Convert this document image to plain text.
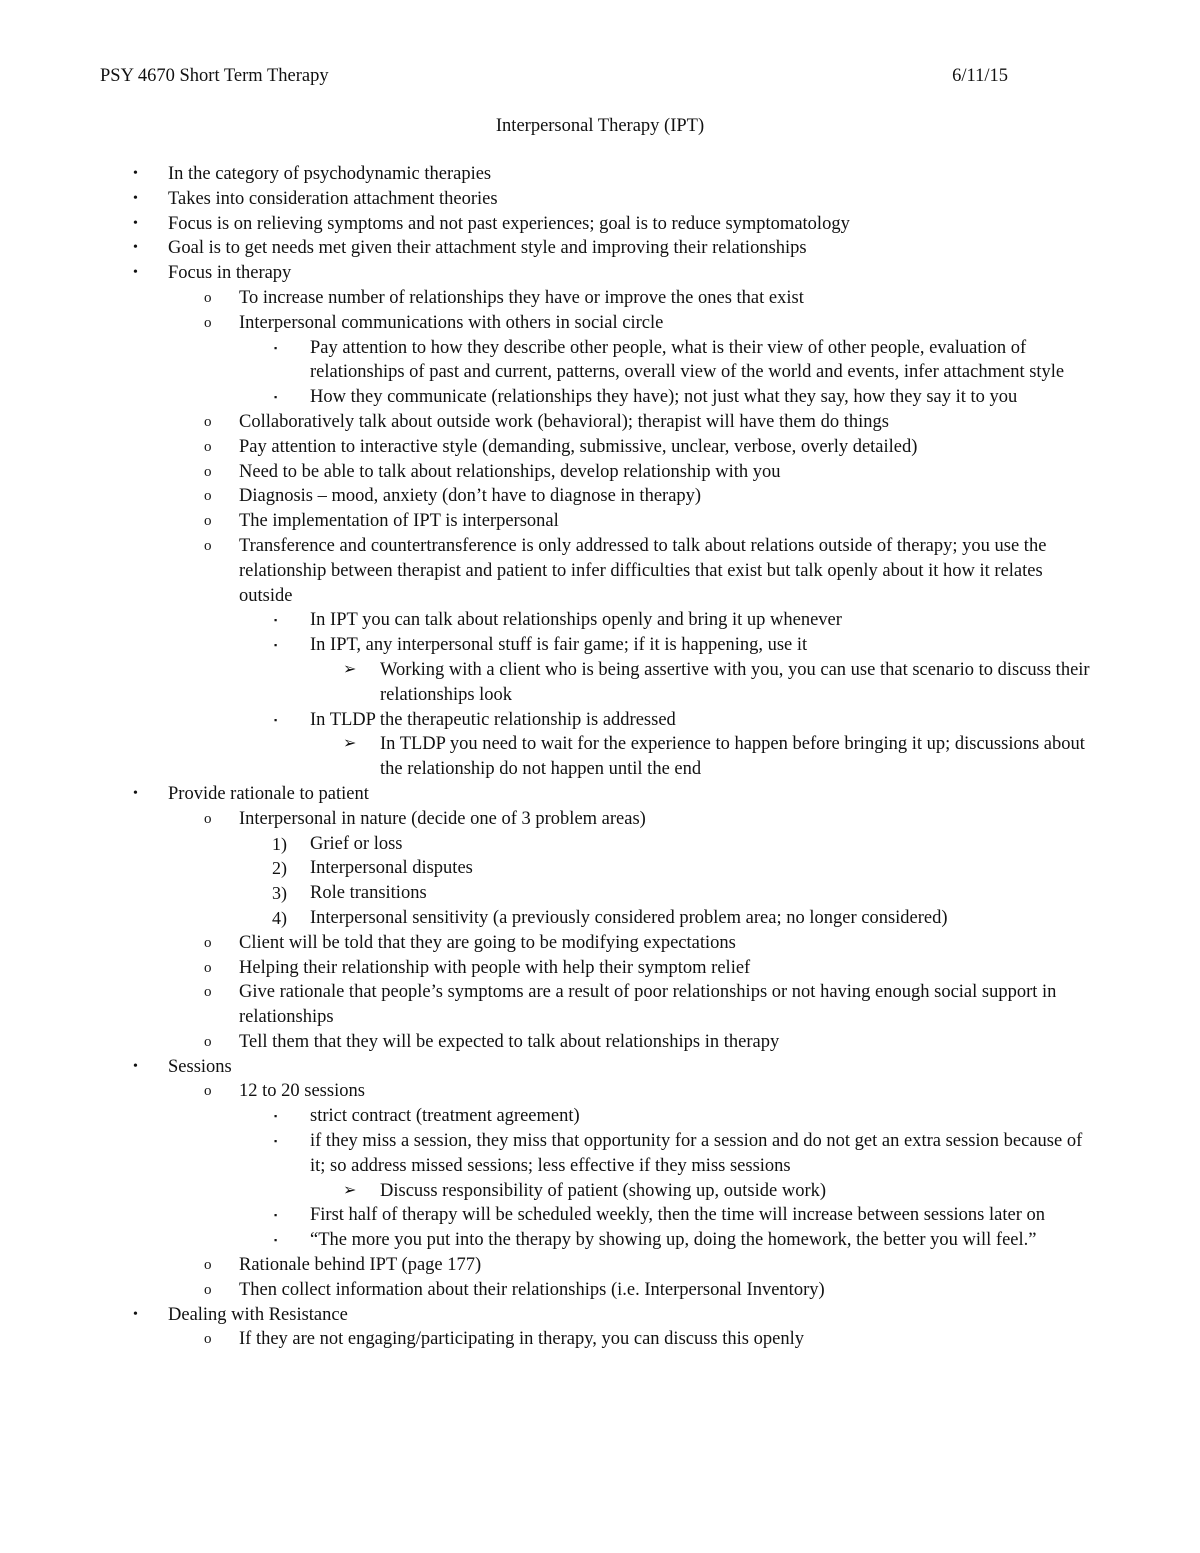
PSY 4670 Short Term Therapy	6/11/15
Interpersonal Therapy (IPT)
• In the category of psychodynamic therapies
• Takes into consideration attachment theories
• Focus is on relieving symptoms and not past experiences; goal is to reduce symptomatology
• Goal is to get needs met given their attachment style and improving their relationships
• Focus in therapy
o To increase number of relationships they have or improve the ones that exist
o Interpersonal communications with others in social circle
▪ Pay attention to how they describe other people, what is their view of other people, evaluation of relationships of past and current, patterns, overall view of the world and events, infer attachment style
▪ How they communicate (relationships they have); not just what they say, how they say it to you
o Collaboratively talk about outside work (behavioral); therapist will have them do things
o Pay attention to interactive style (demanding, submissive, unclear, verbose, overly detailed)
o Need to be able to talk about relationships, develop relationship with you
o Diagnosis – mood, anxiety (don’t have to diagnose in therapy)
o The implementation of IPT is interpersonal
o Transference and countertransference is only addressed to talk about relations outside of therapy; you use the relationship between therapist and patient to infer difficulties that exist but talk openly about it how it relates outside
▪ In IPT you can talk about relationships openly and bring it up whenever
▪ In IPT, any interpersonal stuff is fair game; if it is happening, use it
➢ Working with a client who is being assertive with you, you can use that scenario to discuss their relationships look
▪ In TLDP the therapeutic relationship is addressed
➢ In TLDP you need to wait for the experience to happen before bringing it up; discussions about the relationship do not happen until the end
• Provide rationale to patient
o Interpersonal in nature (decide one of 3 problem areas)
1) Grief or loss
2) Interpersonal disputes
3) Role transitions
4) Interpersonal sensitivity (a previously considered problem area; no longer considered)
o Client will be told that they are going to be modifying expectations
o Helping their relationship with people with help their symptom relief
o Give rationale that people’s symptoms are a result of poor relationships or not having enough social support in relationships
o Tell them that they will be expected to talk about relationships in therapy
• Sessions
o 12 to 20 sessions
▪ strict contract (treatment agreement)
▪ if they miss a session, they miss that opportunity for a session and do not get an extra session because of it; so address missed sessions; less effective if they miss sessions
➢ Discuss responsibility of patient (showing up, outside work)
▪ First half of therapy will be scheduled weekly, then the time will increase between sessions later on
▪ “The more you put into the therapy by showing up, doing the homework, the better you will feel.”
o Rationale behind IPT (page 177)
o Then collect information about their relationships (i.e. Interpersonal Inventory)
• Dealing with Resistance
o If they are not engaging/participating in therapy, you can discuss this openly
